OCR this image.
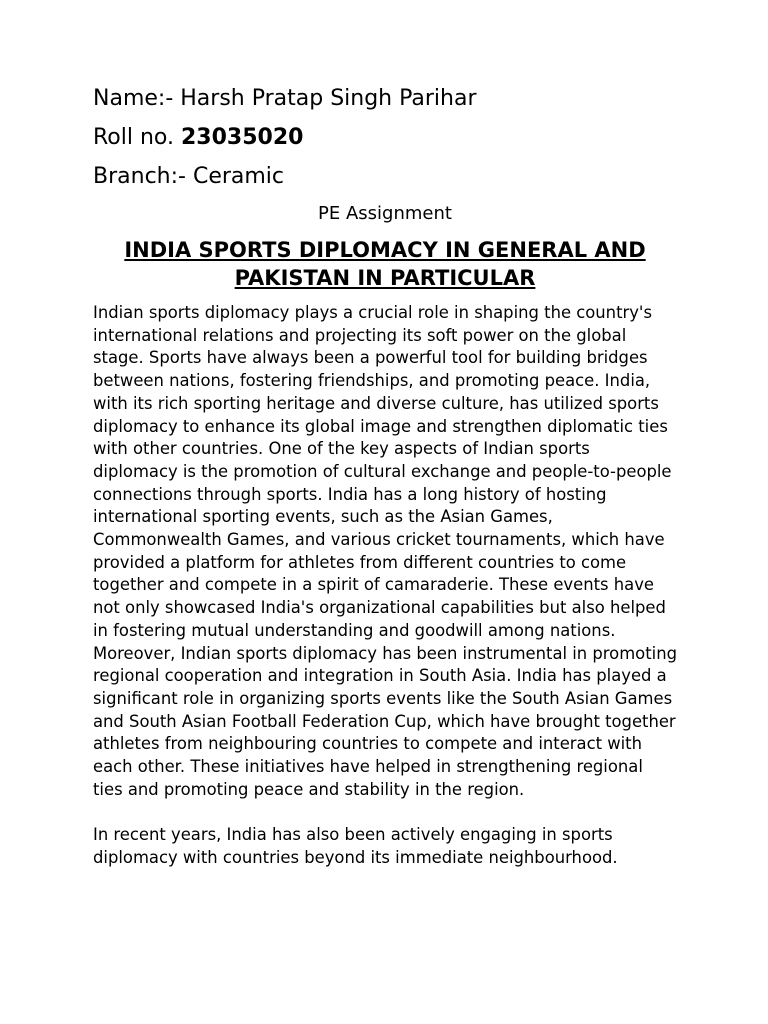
Name:- Harsh Pratap Singh Parihar
Roll no. 23035020
Branch:- Ceramic
PE Assignment
INDIA SPORTS DIPLOMACY IN GENERAL AND PAKISTAN IN PARTICULAR

Indian sports diplomacy plays a crucial role in shaping the country's international relations and projecting its soft power on the global stage. Sports have always been a powerful tool for building bridges between nations, fostering friendships, and promoting peace. India, with its rich sporting heritage and diverse culture, has utilized sports diplomacy to enhance its global image and strengthen diplomatic ties with other countries. One of the key aspects of Indian sports diplomacy is the promotion of cultural exchange and people-to-people connections through sports. India has a long history of hosting international sporting events, such as the Asian Games, Commonwealth Games, and various cricket tournaments, which have provided a platform for athletes from different countries to come together and compete in a spirit of camaraderie. These events have not only showcased India's organizational capabilities but also helped in fostering mutual understanding and goodwill among nations. Moreover, Indian sports diplomacy has been instrumental in promoting regional cooperation and integration in South Asia. India has played a significant role in organizing sports events like the South Asian Games and South Asian Football Federation Cup, which have brought together athletes from neighbouring countries to compete and interact with each other. These initiatives have helped in strengthening regional ties and promoting peace and stability in the region.

In recent years, India has also been actively engaging in sports diplomacy with countries beyond its immediate neighbourhood.
